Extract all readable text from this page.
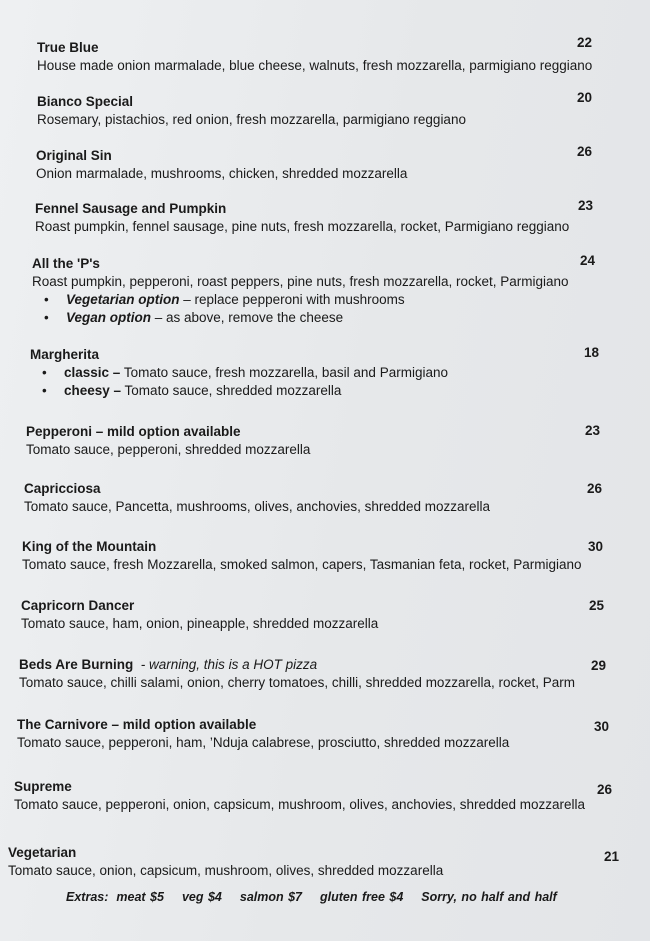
True Blue
House made onion marmalade, blue cheese, walnuts, fresh mozzarella, parmigiano reggiano
22
Bianco Special
Rosemary, pistachios, red onion, fresh mozzarella, parmigiano reggiano
20
Original Sin
Onion marmalade, mushrooms, chicken, shredded mozzarella
26
Fennel Sausage and Pumpkin
Roast pumpkin, fennel sausage, pine nuts, fresh mozzarella, rocket, Parmigiano reggiano
23
All the 'P's
Roast pumpkin, pepperoni, roast peppers, pine nuts, fresh mozzarella, rocket, Parmigiano
• Vegetarian option – replace pepperoni with mushrooms
• Vegan option – as above, remove the cheese
24
Margherita
• classic – Tomato sauce, fresh mozzarella, basil and Parmigiano
• cheesy – Tomato sauce, shredded mozzarella
18
Pepperoni – mild option available
Tomato sauce, pepperoni, shredded mozzarella
23
Capricciosa
Tomato sauce, Pancetta, mushrooms, olives, anchovies, shredded mozzarella
26
King of the Mountain
Tomato sauce, fresh Mozzarella, smoked salmon, capers, Tasmanian feta, rocket, Parmigiano
30
Capricorn Dancer
Tomato sauce, ham, onion, pineapple, shredded mozzarella
25
Beds Are Burning - warning, this is a HOT pizza
Tomato sauce, chilli salami, onion, cherry tomatoes, chilli, shredded mozzarella, rocket, Parm
29
The Carnivore – mild option available
Tomato sauce, pepperoni, ham, ’Nduja calabrese, prosciutto, shredded mozzarella
30
Supreme
Tomato sauce, pepperoni, onion, capsicum, mushroom, olives, anchovies, shredded mozzarella
26
Vegetarian
Tomato sauce, onion, capsicum, mushroom, olives, shredded mozzarella
21
Extras: meat $5 veg $4 salmon $7 gluten free $4 Sorry, no half and half
